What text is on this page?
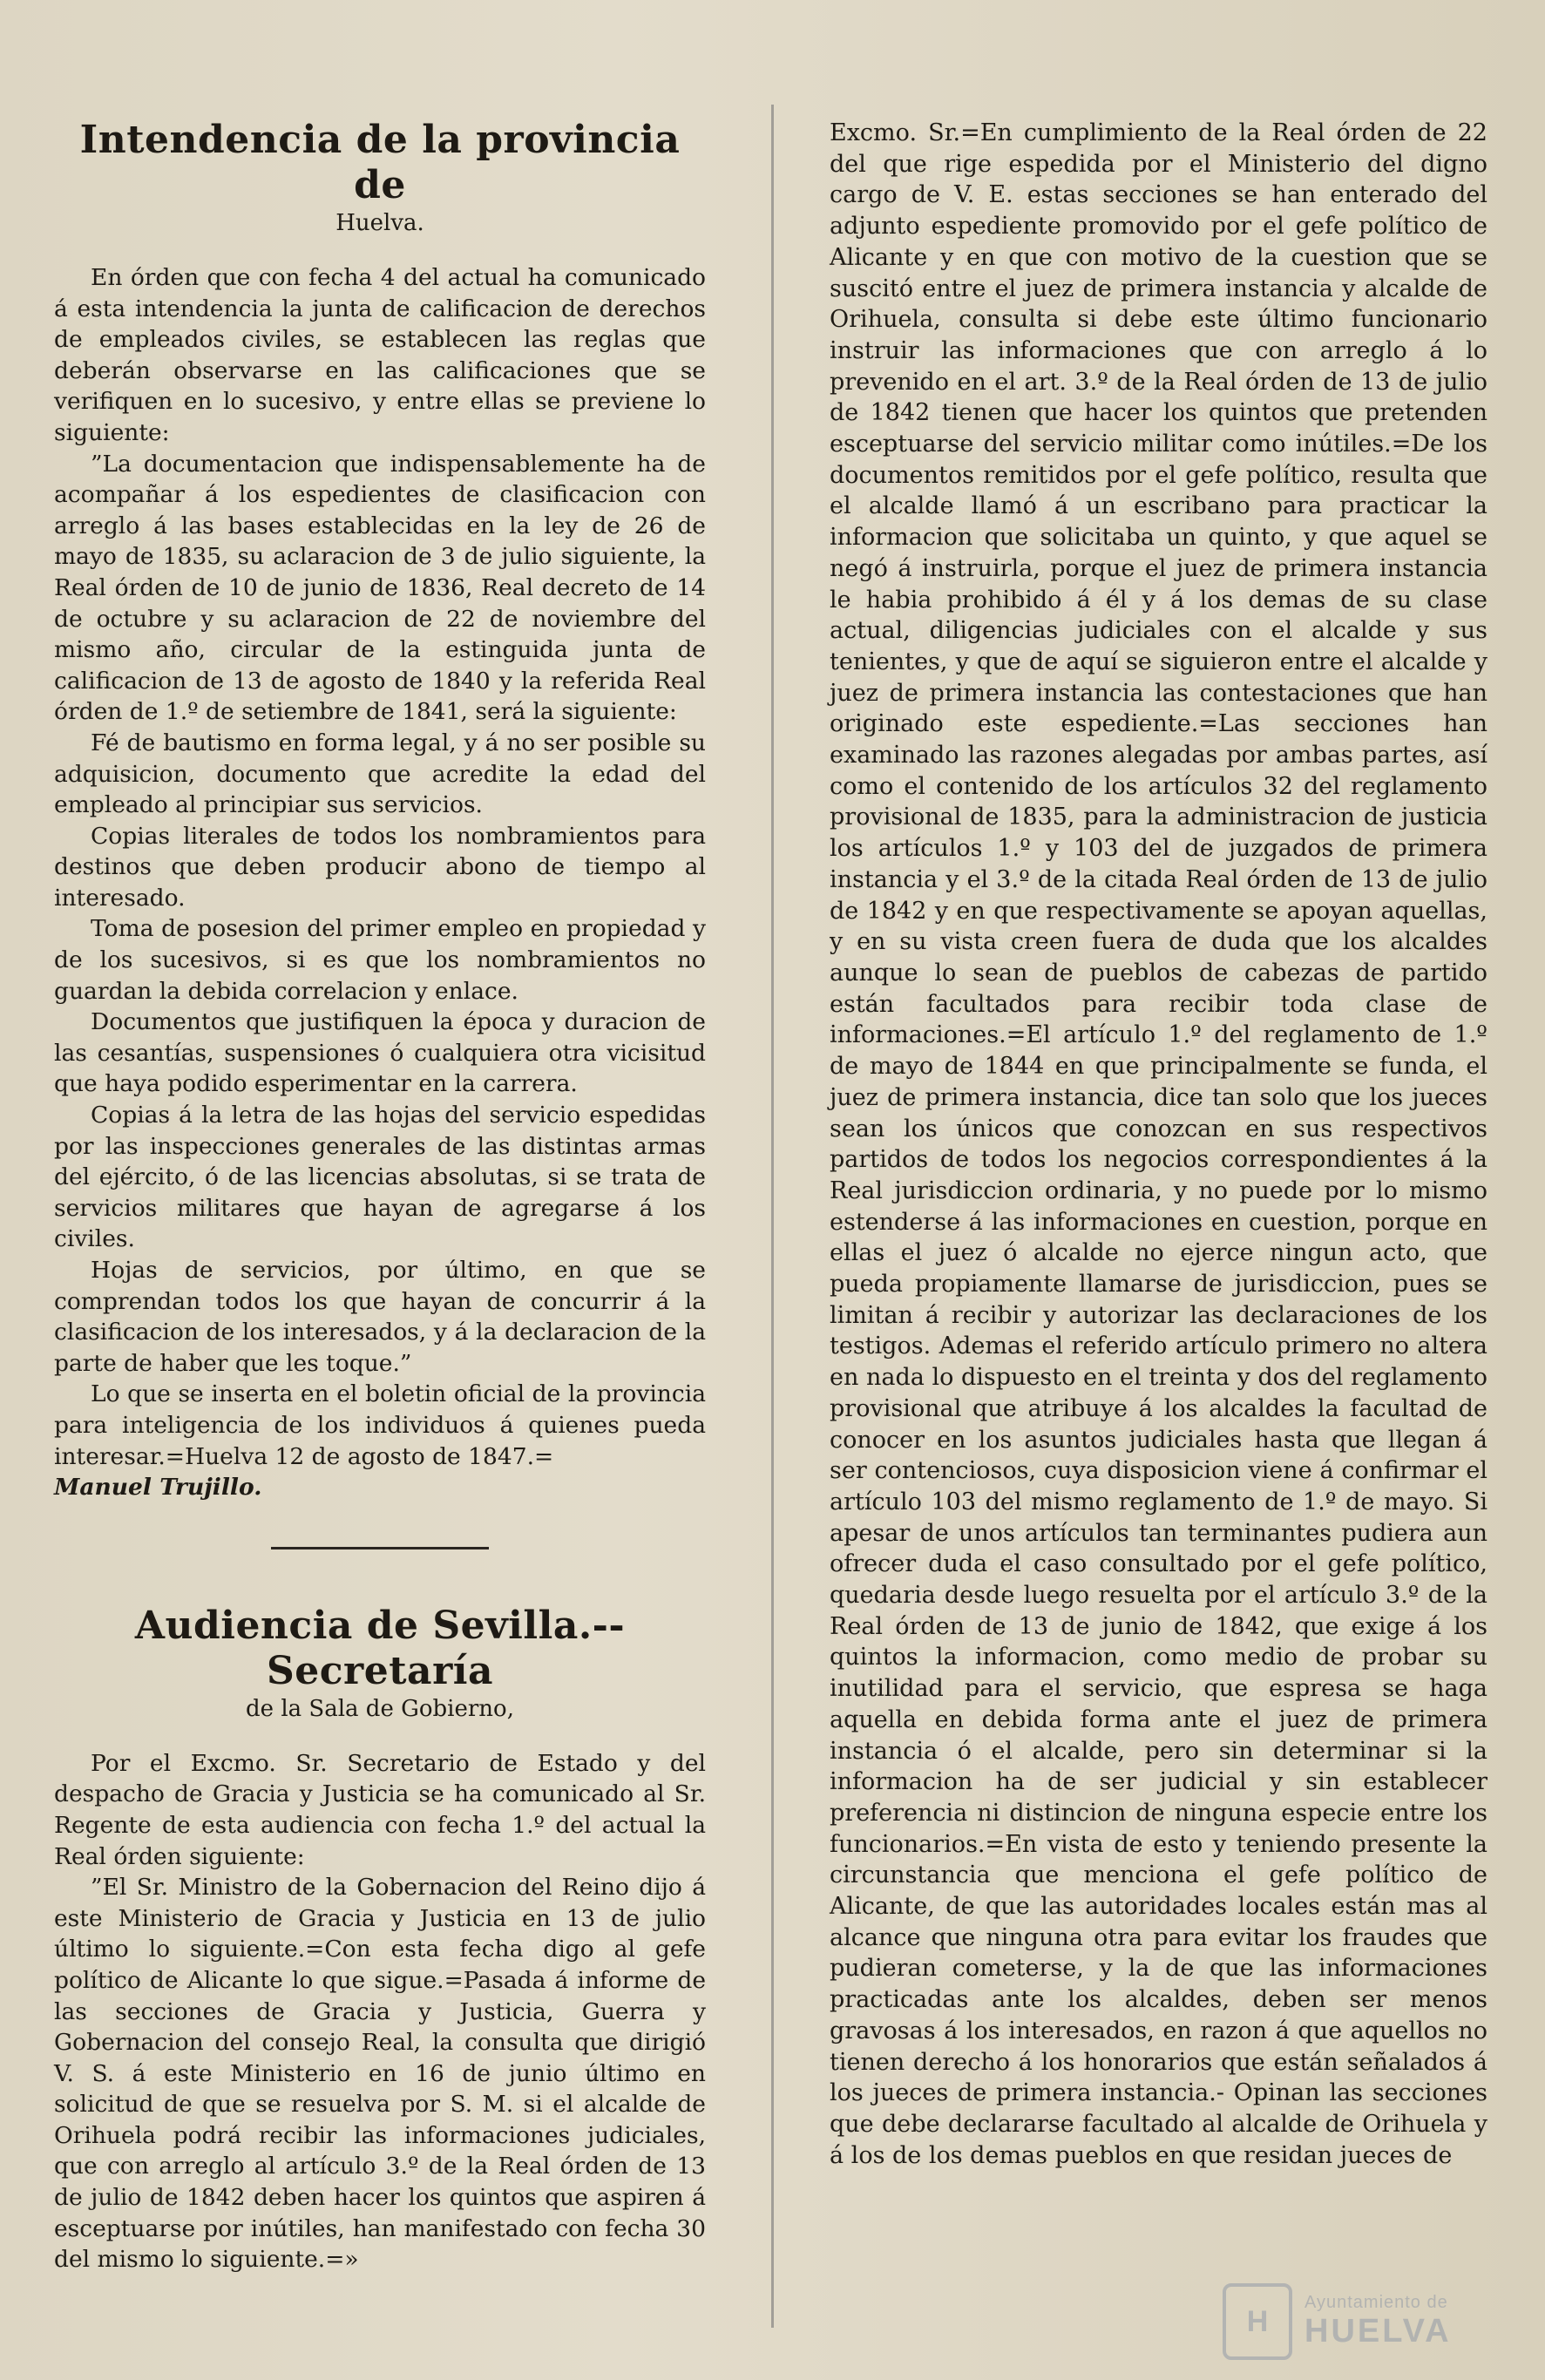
Intendencia de la provincia de
Huelva.

En órden que con fecha 4 del actual ha comunicado á esta intendencia la junta de calificacion de derechos de empleados civiles, se establecen las reglas que deberán observarse en las calificaciones que se verifiquen en lo sucesivo, y entre ellas se previene lo siguiente:

”La documentacion que indispensablemente ha de acompañar á los espedientes de clasificacion con arreglo á las bases establecidas en la ley de 26 de mayo de 1835, su aclaracion de 3 de julio siguiente, la Real órden de 10 de junio de 1836, Real decreto de 14 de octubre y su aclaracion de 22 de noviembre del mismo año, circular de la estinguida junta de calificacion de 13 de agosto de 1840 y la referida Real órden de 1.º de setiembre de 1841, será la siguiente:

Fé de bautismo en forma legal, y á no ser posible su adquisicion, documento que acredite la edad del empleado al principiar sus servicios.

Copias literales de todos los nombramientos para destinos que deben producir abono de tiempo al interesado.

Toma de posesion del primer empleo en propiedad y de los sucesivos, si es que los nombramientos no guardan la debida correlacion y enlace.

Documentos que justifiquen la época y duracion de las cesantías, suspensiones ó cualquiera otra vicisitud que haya podido esperimentar en la carrera.

Copias á la letra de las hojas del servicio espedidas por las inspecciones generales de las distintas armas del ejército, ó de las licencias absolutas, si se trata de servicios militares que hayan de agregarse á los civiles.

Hojas de servicios, por último, en que se comprendan todos los que hayan de concurrir á la clasificacion de los interesados, y á la declaracion de la parte de haber que les toque.”

Lo que se inserta en el boletin oficial de la provincia para inteligencia de los individuos á quienes pueda interesar.=Huelva 12 de agosto de 1847.=

Manuel Trujillo.

Audiencia de Sevilla.--Secretaría
de la Sala de Gobierno,

Por el Excmo. Sr. Secretario de Estado y del despacho de Gracia y Justicia se ha comunicado al Sr. Regente de esta audiencia con fecha 1.º del actual la Real órden siguiente:

”El Sr. Ministro de la Gobernacion del Reino dijo á este Ministerio de Gracia y Justicia en 13 de julio último lo siguiente.=Con esta fecha digo al gefe político de Alicante lo que sigue.=Pasada á informe de las secciones de Gracia y Justicia, Guerra y Gobernacion del consejo Real, la consulta que dirigió V. S. á este Ministerio en 16 de junio último en solicitud de que se resuelva por S. M. si el alcalde de Orihuela podrá recibir las informaciones judiciales, que con arreglo al artículo 3.º de la Real órden de 13 de julio de 1842 deben hacer los quintos que aspiren á esceptuarse por inútiles, han manifestado con fecha 30 del mismo lo siguiente.=»

Excmo. Sr.=En cumplimiento de la Real órden de 22 del que rige espedida por el Ministerio del digno cargo de V. E. estas secciones se han enterado del adjunto espediente promovido por el gefe político de Alicante y en que con motivo de la cuestion que se suscitó entre el juez de primera instancia y alcalde de Orihuela, consulta si debe este último funcionario instruir las informaciones que con arreglo á lo prevenido en el art. 3.º de la Real órden de 13 de julio de 1842 tienen que hacer los quintos que pretenden esceptuarse del servicio militar como inútiles.=De los documentos remitidos por el gefe político, resulta que el alcalde llamó á un escribano para practicar la informacion que solicitaba un quinto, y que aquel se negó á instruirla, porque el juez de primera instancia le habia prohibido á él y á los demas de su clase actual, diligencias judiciales con el alcalde y sus tenientes, y que de aquí se siguieron entre el alcalde y juez de primera instancia las contestaciones que han originado este espediente.=Las secciones han examinado las razones alegadas por ambas partes, así como el contenido de los artículos 32 del reglamento provisional de 1835, para la administracion de justicia los artículos 1.º y 103 del de juzgados de primera instancia y el 3.º de la citada Real órden de 13 de julio de 1842 y en que respectivamente se apoyan aquellas, y en su vista creen fuera de duda que los alcaldes aunque lo sean de pueblos de cabezas de partido están facultados para recibir toda clase de informaciones.=El artículo 1.º del reglamento de 1.º de mayo de 1844 en que principalmente se funda, el juez de primera instancia, dice tan solo que los jueces sean los únicos que conozcan en sus respectivos partidos de todos los negocios correspondientes á la Real jurisdiccion ordinaria, y no puede por lo mismo estenderse á las informaciones en cuestion, porque en ellas el juez ó alcalde no ejerce ningun acto, que pueda propiamente llamarse de jurisdiccion, pues se limitan á recibir y autorizar las declaraciones de los testigos. Ademas el referido artículo primero no altera en nada lo dispuesto en el treinta y dos del reglamento provisional que atribuye á los alcaldes la facultad de conocer en los asuntos judiciales hasta que llegan á ser contenciosos, cuya disposicion viene á confirmar el artículo 103 del mismo reglamento de 1.º de mayo. Si apesar de unos artículos tan terminantes pudiera aun ofrecer duda el caso consultado por el gefe político, quedaria desde luego resuelta por el artículo 3.º de la Real órden de 13 de junio de 1842, que exige á los quintos la informacion, como medio de probar su inutilidad para el servicio, que espresa se haga aquella en debida forma ante el juez de primera instancia ó el alcalde, pero sin determinar si la informacion ha de ser judicial y sin establecer preferencia ni distincion de ninguna especie entre los funcionarios.=En vista de esto y teniendo presente la circunstancia que menciona el gefe político de Alicante, de que las autoridades locales están mas al alcance que ninguna otra para evitar los fraudes que pudieran cometerse, y la de que las informaciones practicadas ante los alcaldes, deben ser menos gravosas á los interesados, en razon á que aquellos no tienen derecho á los honorarios que están señalados á los jueces de primera instancia.- Opinan las secciones que debe declararse facultado al alcalde de Orihuela y á los de los demas pueblos en que residan jueces de

H
Ayuntamiento de
HUELVA
